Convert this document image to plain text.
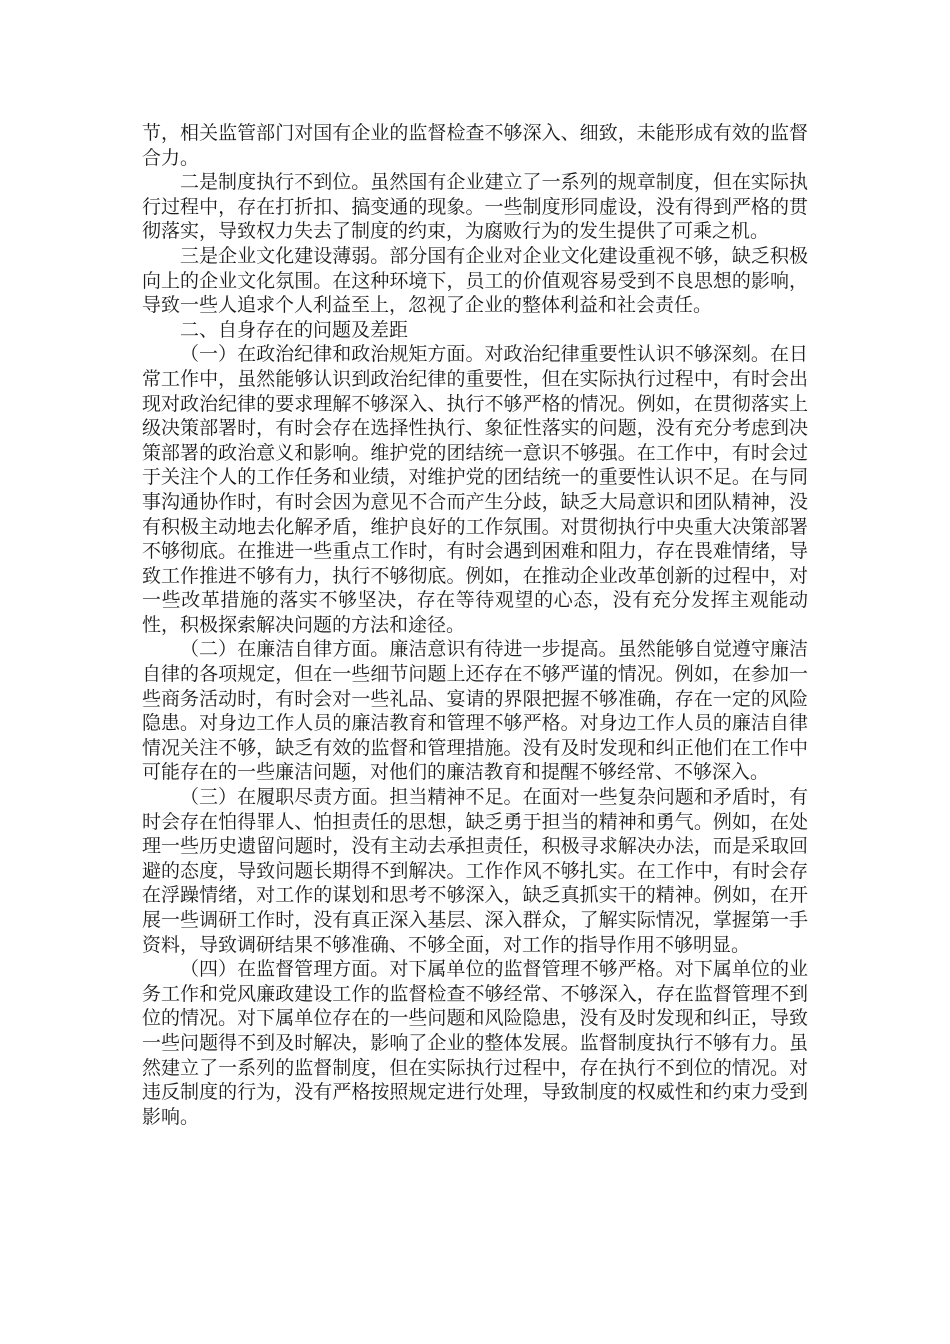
节，相关监管部门对国有企业的监督检查不够深入、细致，未能形成有效的监督合力。

二是制度执行不到位。虽然国有企业建立了一系列的规章制度，但在实际执行过程中，存在打折扣、搞变通的现象。一些制度形同虚设，没有得到严格的贯彻落实，导致权力失去了制度的约束，为腐败行为的发生提供了可乘之机。

三是企业文化建设薄弱。部分国有企业对企业文化建设重视不够，缺乏积极向上的企业文化氛围。在这种环境下，员工的价值观容易受到不良思想的影响，导致一些人追求个人利益至上，忽视了企业的整体利益和社会责任。

二、自身存在的问题及差距

（一）在政治纪律和政治规矩方面。对政治纪律重要性认识不够深刻。在日常工作中，虽然能够认识到政治纪律的重要性，但在实际执行过程中，有时会出现对政治纪律的要求理解不够深入、执行不够严格的情况。例如，在贯彻落实上级决策部署时，有时会存在选择性执行、象征性落实的问题，没有充分考虑到决策部署的政治意义和影响。维护党的团结统一意识不够强。在工作中，有时会过于关注个人的工作任务和业绩，对维护党的团结统一的重要性认识不足。在与同事沟通协作时，有时会因为意见不合而产生分歧，缺乏大局意识和团队精神，没有积极主动地去化解矛盾，维护良好的工作氛围。对贯彻执行中央重大决策部署不够彻底。在推进一些重点工作时，有时会遇到困难和阻力，存在畏难情绪，导致工作推进不够有力，执行不够彻底。例如，在推动企业改革创新的过程中，对一些改革措施的落实不够坚决，存在等待观望的心态，没有充分发挥主观能动性，积极探索解决问题的方法和途径。

（二）在廉洁自律方面。廉洁意识有待进一步提高。虽然能够自觉遵守廉洁自律的各项规定，但在一些细节问题上还存在不够严谨的情况。例如，在参加一些商务活动时，有时会对一些礼品、宴请的界限把握不够准确，存在一定的风险隐患。对身边工作人员的廉洁教育和管理不够严格。对身边工作人员的廉洁自律情况关注不够，缺乏有效的监督和管理措施。没有及时发现和纠正他们在工作中可能存在的一些廉洁问题，对他们的廉洁教育和提醒不够经常、不够深入。

（三）在履职尽责方面。担当精神不足。在面对一些复杂问题和矛盾时，有时会存在怕得罪人、怕担责任的思想，缺乏勇于担当的精神和勇气。例如，在处理一些历史遗留问题时，没有主动去承担责任，积极寻求解决办法，而是采取回避的态度，导致问题长期得不到解决。工作作风不够扎实。在工作中，有时会存在浮躁情绪，对工作的谋划和思考不够深入，缺乏真抓实干的精神。例如，在开展一些调研工作时，没有真正深入基层、深入群众，了解实际情况，掌握第一手资料，导致调研结果不够准确、不够全面，对工作的指导作用不够明显。

（四）在监督管理方面。对下属单位的监督管理不够严格。对下属单位的业务工作和党风廉政建设工作的监督检查不够经常、不够深入，存在监督管理不到位的情况。对下属单位存在的一些问题和风险隐患，没有及时发现和纠正，导致一些问题得不到及时解决，影响了企业的整体发展。监督制度执行不够有力。虽然建立了一系列的监督制度，但在实际执行过程中，存在执行不到位的情况。对违反制度的行为，没有严格按照规定进行处理，导致制度的权威性和约束力受到影响。
